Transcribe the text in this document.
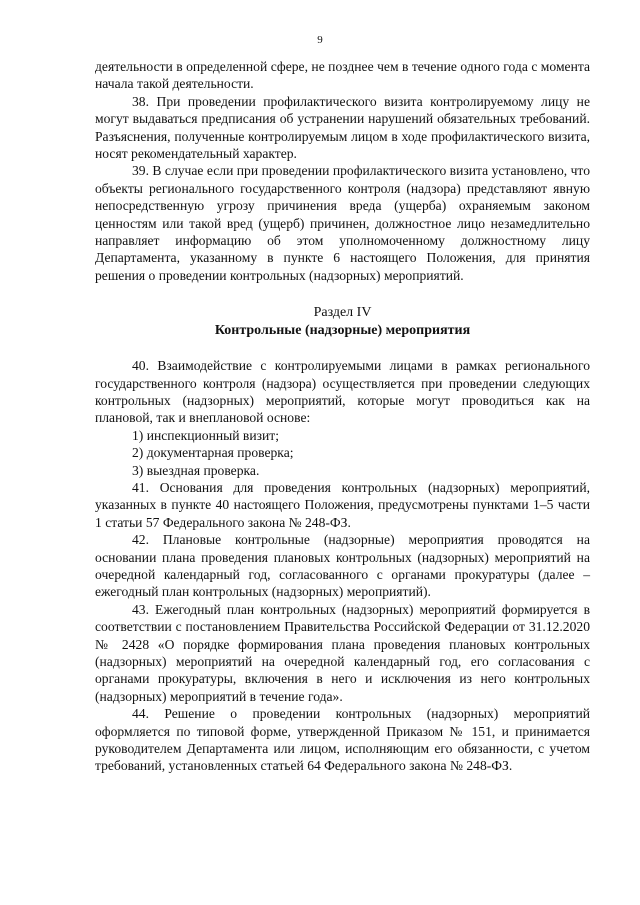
9

деятельности в определенной сфере, не позднее чем в течение одного года с момента начала такой деятельности.

38. При проведении профилактического визита контролируемому лицу не могут выдаваться предписания об устранении нарушений обязательных требований. Разъяснения, полученные контролируемым лицом в ходе профилактического визита, носят рекомендательный характер.

39. В случае если при проведении профилактического визита установлено, что объекты регионального государственного контроля (надзора) представляют явную непосредственную угрозу причинения вреда (ущерба) охраняемым законом ценностям или такой вред (ущерб) причинен, должностное лицо незамедлительно направляет информацию об этом уполномоченному должностному лицу Департамента, указанному в пункте 6 настоящего Положения, для принятия решения о проведении контрольных (надзорных) мероприятий.

Раздел IV
Контрольные (надзорные) мероприятия

40. Взаимодействие с контролируемыми лицами в рамках регионального государственного контроля (надзора) осуществляется при проведении следующих контрольных (надзорных) мероприятий, которые могут проводиться как на плановой, так и внеплановой основе:

1) инспекционный визит;

2) документарная проверка;

3) выездная проверка.

41. Основания для проведения контрольных (надзорных) мероприятий, указанных в пункте 40 настоящего Положения, предусмотрены пунктами 1–5 части 1 статьи 57 Федерального закона № 248-ФЗ.

42. Плановые контрольные (надзорные) мероприятия проводятся на основании плана проведения плановых контрольных (надзорных) мероприятий на очередной календарный год, согласованного с органами прокуратуры (далее – ежегодный план контрольных (надзорных) мероприятий).

43. Ежегодный план контрольных (надзорных) мероприятий формируется в соответствии с постановлением Правительства Российской Федерации от 31.12.2020 № 2428 «О порядке формирования плана проведения плановых контрольных (надзорных) мероприятий на очередной календарный год, его согласования с органами прокуратуры, включения в него и исключения из него контрольных (надзорных) мероприятий в течение года».

44. Решение о проведении контрольных (надзорных) мероприятий оформляется по типовой форме, утвержденной Приказом № 151, и принимается руководителем Департамента или лицом, исполняющим его обязанности, с учетом требований, установленных статьей 64 Федерального закона № 248-ФЗ.
